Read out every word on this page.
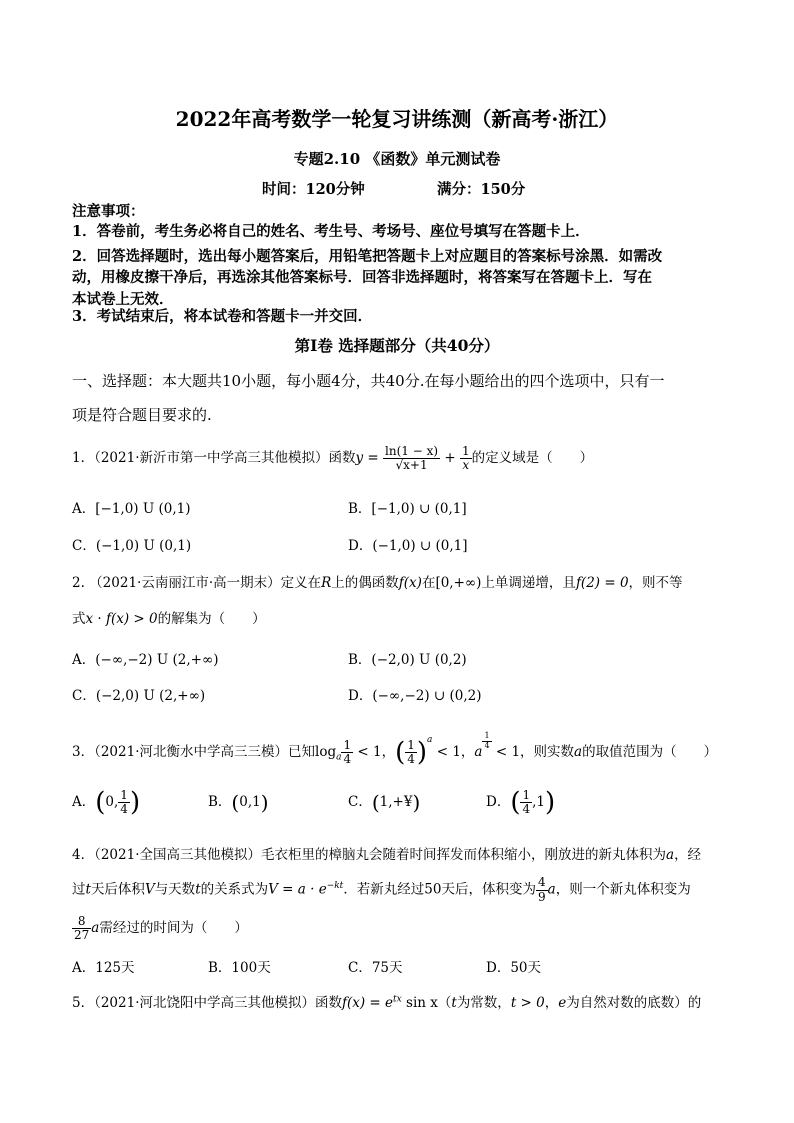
2022年高考数学一轮复习讲练测（新高考·浙江）
专题2.10 《函数》单元测试卷
时间：120分钟	满分：150分
注意事项：
1．答卷前，考生务必将自己的姓名、考生号、考场号、座位号填写在答题卡上．
2．回答选择题时，选出每小题答案后，用铅笔把答题卡上对应题目的答案标号涂黑．如需改
动，用橡皮擦干净后，再选涂其他答案标号．回答非选择题时，将答案写在答题卡上．写在
本试卷上无效．
3．考试结束后，将本试卷和答题卡一并交回．
第Ⅰ卷 选择题部分（共40分）
一、选择题：本大题共10小题，每小题4分，共40分.在每小题给出的四个选项中，只有一
项是符合题目要求的.
1．（2021·新沂市第一中学高三其他模拟）函数$y = \frac{\ln(1 - x)}{√x+1} + \frac{1}{x}$ 的定义域是（　　）
A．[−1,0) U (0,1)	B．[−1,0) ∪ (0,1]
C．(−1,0) U (0,1)	D．(−1,0) ∪ (0,1]
2. （2021·云南丽江市·高一期末）定义在R上的偶函数f(x)在[0,+∞)上单调递增，且f(2) = 0，则不等
式x · f(x) > 0的解集为（　　）
A．(−∞,−2) U (2,+∞)	B．(−2,0) U (0,2)
C．(−2,0) U (2,+∞)	D．(−∞,−2) ∪ (0,2)
3．（2021·河北衡水中学高三三模）已知$\log_a \frac{1}{4} < 1$，( $\frac{1}{4} )^a < 1$，a
$^{\frac{1}{4}}$
< 1，则实数a的取值范围为（　　）
A．(0, $\frac{1}{4}$ )	B．(0,1)	C．(1,+¥)	D．( $\frac{1}{4} ,1$)
4．（2021·全国高三其他模拟）毛衣柜里的樟脑丸会随着时间挥发而体积缩小，刚放进的新丸体积为a，经
过t天后体积V与天数t的关系式为$V = a \cdot e^{-kt}$．若新丸经过50天后，体积变为 $\frac{4}{9}$ a，则一个新丸体积变为
$\frac{8}{27}$ a需经过的时间为（　　）
A．125天	B．100天	C．75天	D．50天
5．（2021·河北饶阳中学高三其他模拟）函数$f(x) = e^{tx}$ sin x（t为常数，t > 0，e为自然对数的底数）的
